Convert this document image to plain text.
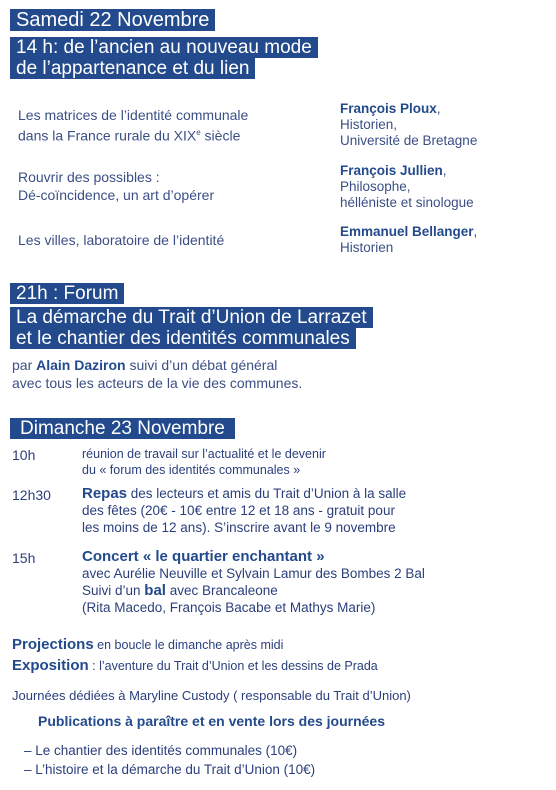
Samedi 22 Novembre
14 h: de l’ancien au nouveau mode
de l’appartenance et du lien
Les matrices de l’identité communale
dans la France rurale du XIXe siècle
François Ploux,
Historien,
Université de Bretagne
Rouvrir des possibles :
Dé-coïncidence, un art d’opérer
François Jullien,
Philosophe,
hélléniste et sinologue
Les villes, laboratoire de l’identité
Emmanuel Bellanger,
Historien
21h : Forum
La démarche du Trait d’Union de Larrazet
et le chantier des identités communales
par Alain Daziron suivi d’un débat général
avec tous les acteurs de la vie des communes.
Dimanche 23 Novembre
10h	réunion de travail sur l’actualité et le devenir
du « forum des identités communales »
12h30 Repas des lecteurs et amis du Trait d’Union à la salle
des fêtes (20€ - 10€ entre 12 et 18 ans - gratuit pour
les moins de 12 ans). S’inscrire avant le 9 novembre
15h	Concert « le quartier enchantant »
avec Aurélie Neuville et Sylvain Lamur des Bombes 2 Bal
Suivi d’un bal avec Brancaleone
(Rita Macedo, François Bacabe et Mathys Marie)
Projections en boucle le dimanche après midi
Exposition : l’aventure du Trait d’Union et les dessins de Prada
Journées dédiées à Maryline Custody ( responsable du Trait d’Union)
Publications à paraître et en vente lors des journées
– Le chantier des identités communales (10€)
– L’histoire et la démarche du Trait d’Union (10€)
